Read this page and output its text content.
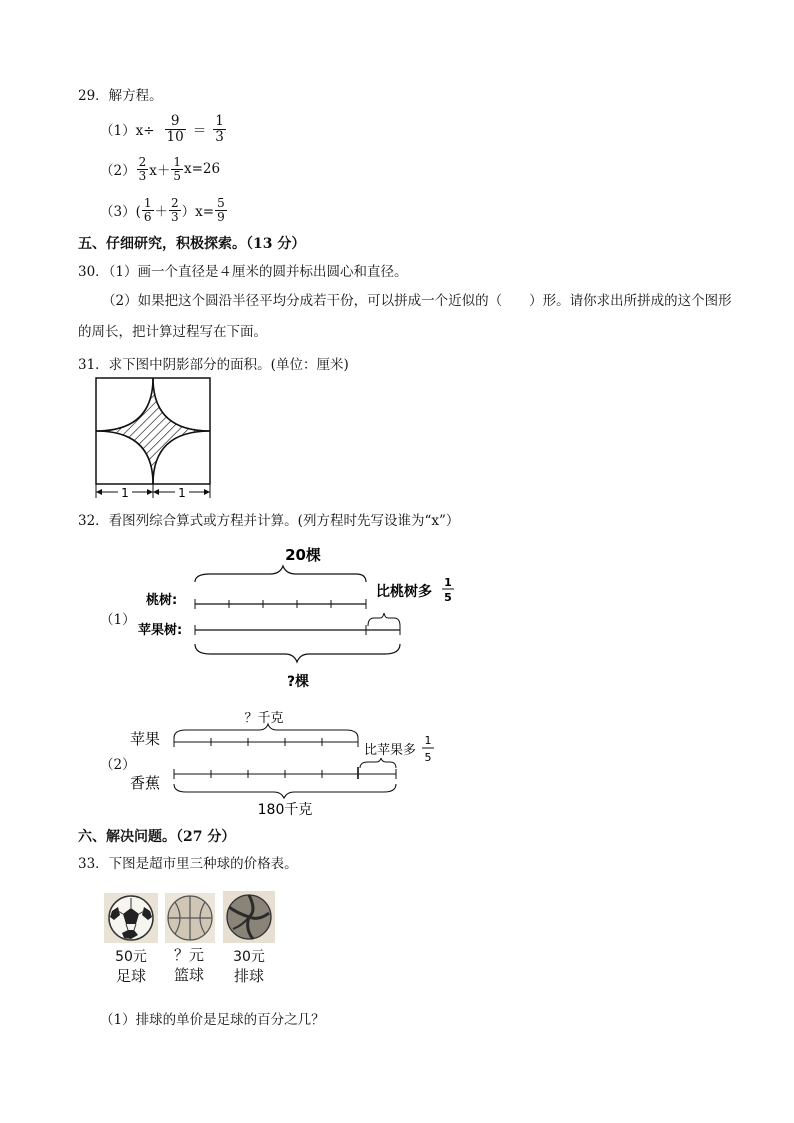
29．解方程。
$(1)x\div \frac{9}{10} = \frac{1}{3}$
$(2) \frac{2}{3} x+ \frac{1}{5} x=26$
$(3)( \frac{1}{6} + \frac{2}{3} )x= \frac{5}{9}$
五、仔细研究，积极探索。（13 分）
30．（1）画一个直径是４厘米的圆并标出圆心和直径。
（2）如果把这个圆沿半径平均分成若干份，可以拼成一个近似的（　　）形。请你求出所拼成的这个图形的周长，把计算过程写在下面。
31．求下图中阴影部分的面积。(单位：厘米)
1	1
32．看图列综合算式或方程并计算。(列方程时先写设谁为“x”）
（1）
20棵
桃树:
比桃树多
1
5
苹果树:
?棵
（2）
？千克
苹果
比苹果多
1
5
香蕉
180千克
六、解决问题。（27 分）
33．下图是超市里三种球的价格表。
50元
足球
？元
篮球
30元
排球
（1）排球的单价是足球的百分之几？
